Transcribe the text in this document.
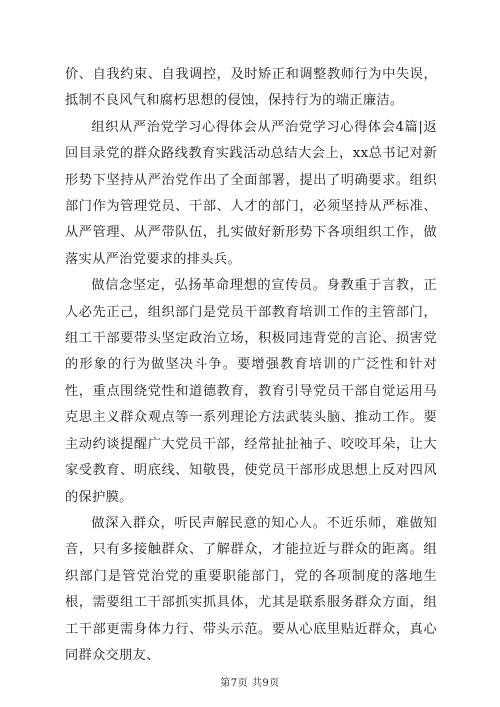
价、自我约束、自我调控，及时矫正和调整教师行为中失误，抵制不良风气和腐朽思想的侵蚀，保持行为的端正廉洁。

组织从严治党学习心得体会从严治党学习心得体会4篇|返回目录党的群众路线教育实践活动总结大会上，xx总书记对新形势下坚持从严治党作出了全面部署，提出了明确要求。组织部门作为管理党员、干部、人才的部门，必须坚持从严标准、从严管理、从严带队伍，扎实做好新形势下各项组织工作，做落实从严治党要求的排头兵。

做信念坚定，弘扬革命理想的宣传员。身教重于言教，正人必先正己，组织部门是党员干部教育培训工作的主管部门，组工干部要带头坚定政治立场，积极同违背党的言论、损害党的形象的行为做坚决斗争。要增强教育培训的广泛性和针对性，重点围绕党性和道德教育，教育引导党员干部自觉运用马克思主义群众观点等一系列理论方法武装头脑、推动工作。要主动约谈提醒广大党员干部，经常扯扯袖子、咬咬耳朵，让大家受教育、明底线、知敬畏，使党员干部形成思想上反对四风的保护膜。

做深入群众，听民声解民意的知心人。不近乐师，难做知音，只有多接触群众、了解群众，才能拉近与群众的距离。组织部门是管党治党的重要职能部门，党的各项制度的落地生根，需要组工干部抓实抓具体，尤其是联系服务群众方面，组工干部更需身体力行、带头示范。要从心底里贴近群众，真心同群众交朋友、

第7页 共9页
